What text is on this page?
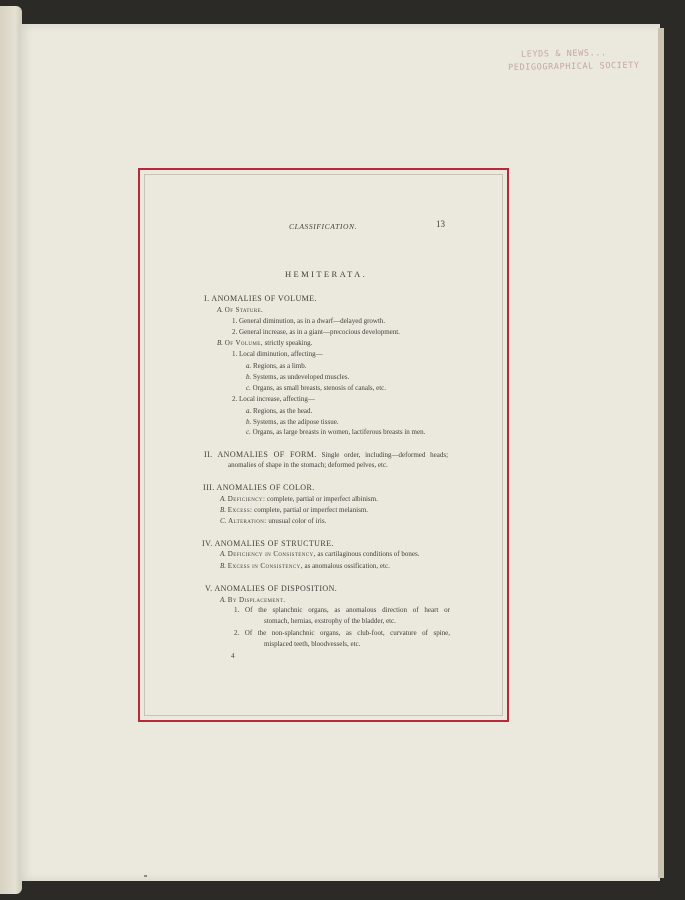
LEYDS & NEWS...
PEDIGOGRAPHICAL SOCIETY
CLASSIFICATION.	13
HEMITERATA.
I. ANOMALIES OF VOLUME.
A. Of Stature.
1. General diminution, as in a dwarf—delayed growth.
2. General increase, as in a giant—precocious development.
B. Of Volume, strictly speaking.
1. Local diminution, affecting—
a. Regions, as a limb.
b. Systems, as undeveloped muscles.
c. Organs, as small breasts, stenosis of canals, etc.
2. Local increase, affecting—
a. Regions, as the head.
b. Systems, as the adipose tissue.
c. Organs, as large breasts in women, lactiferous breasts in men.
II. ANOMALIES OF FORM. Single order, including—deformed heads;
anomalies of shape in the stomach; deformed pelves, etc.
III. ANOMALIES OF COLOR.
A. Deficiency: complete, partial or imperfect albinism.
B. Excess: complete, partial or imperfect melanism.
C. Alteration: unusual color of iris.
IV. ANOMALIES OF STRUCTURE.
A. Deficiency in Consistency, as cartilaginous conditions of bones.
B. Excess in Consistency, as anomalous ossification, etc.
V. ANOMALIES OF DISPOSITION.
A. By Displacement.
1. Of the splanchnic organs, as anomalous direction of heart or
stomach, hernias, exstrophy of the bladder, etc.
2. Of the non-splanchnic organs, as club-foot, curvature of spine,
misplaced teeth, bloodvessels, etc.
4
